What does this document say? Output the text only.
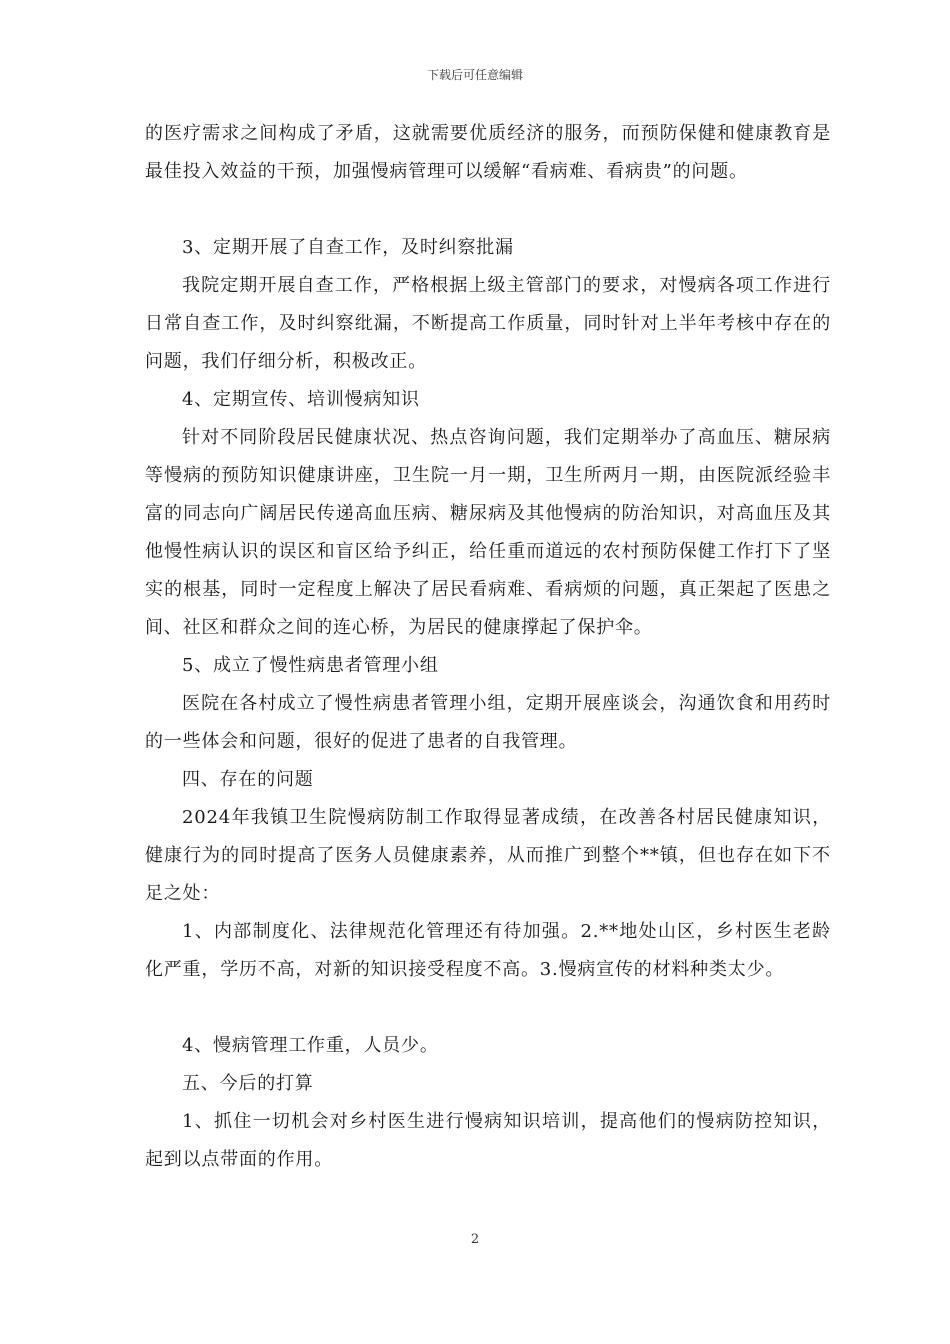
下载后可任意编辑

的医疗需求之间构成了矛盾，这就需要优质经济的服务，而预防保健和健康教育是最佳投入效益的干预，加强慢病管理可以缓解“看病难、看病贵”的问题。

3、定期开展了自查工作，及时纠察批漏

我院定期开展自查工作，严格根据上级主管部门的要求，对慢病各项工作进行日常自查工作，及时纠察纰漏，不断提高工作质量，同时针对上半年考核中存在的问题，我们仔细分析，积极改正。

4、定期宣传、培训慢病知识

针对不同阶段居民健康状况、热点咨询问题，我们定期举办了高血压、糖尿病等慢病的预防知识健康讲座，卫生院一月一期，卫生所两月一期，由医院派经验丰富的同志向广阔居民传递高血压病、糖尿病及其他慢病的防治知识，对高血压及其他慢性病认识的误区和盲区给予纠正，给任重而道远的农村预防保健工作打下了坚实的根基，同时一定程度上解决了居民看病难、看病烦的问题，真正架起了医患之间、社区和群众之间的连心桥，为居民的健康撑起了保护伞。

5、成立了慢性病患者管理小组

医院在各村成立了慢性病患者管理小组，定期开展座谈会，沟通饮食和用药时的一些体会和问题，很好的促进了患者的自我管理。

四、存在的问题

2024年我镇卫生院慢病防制工作取得显著成绩，在改善各村居民健康知识，健康行为的同时提高了医务人员健康素养，从而推广到整个**镇，但也存在如下不足之处：

1、内部制度化、法律规范化管理还有待加强。2.**地处山区，乡村医生老龄化严重，学历不高，对新的知识接受程度不高。3.慢病宣传的材料种类太少。

4、慢病管理工作重，人员少。

五、今后的打算

1、抓住一切机会对乡村医生进行慢病知识培训，提高他们的慢病防控知识，起到以点带面的作用。

2
